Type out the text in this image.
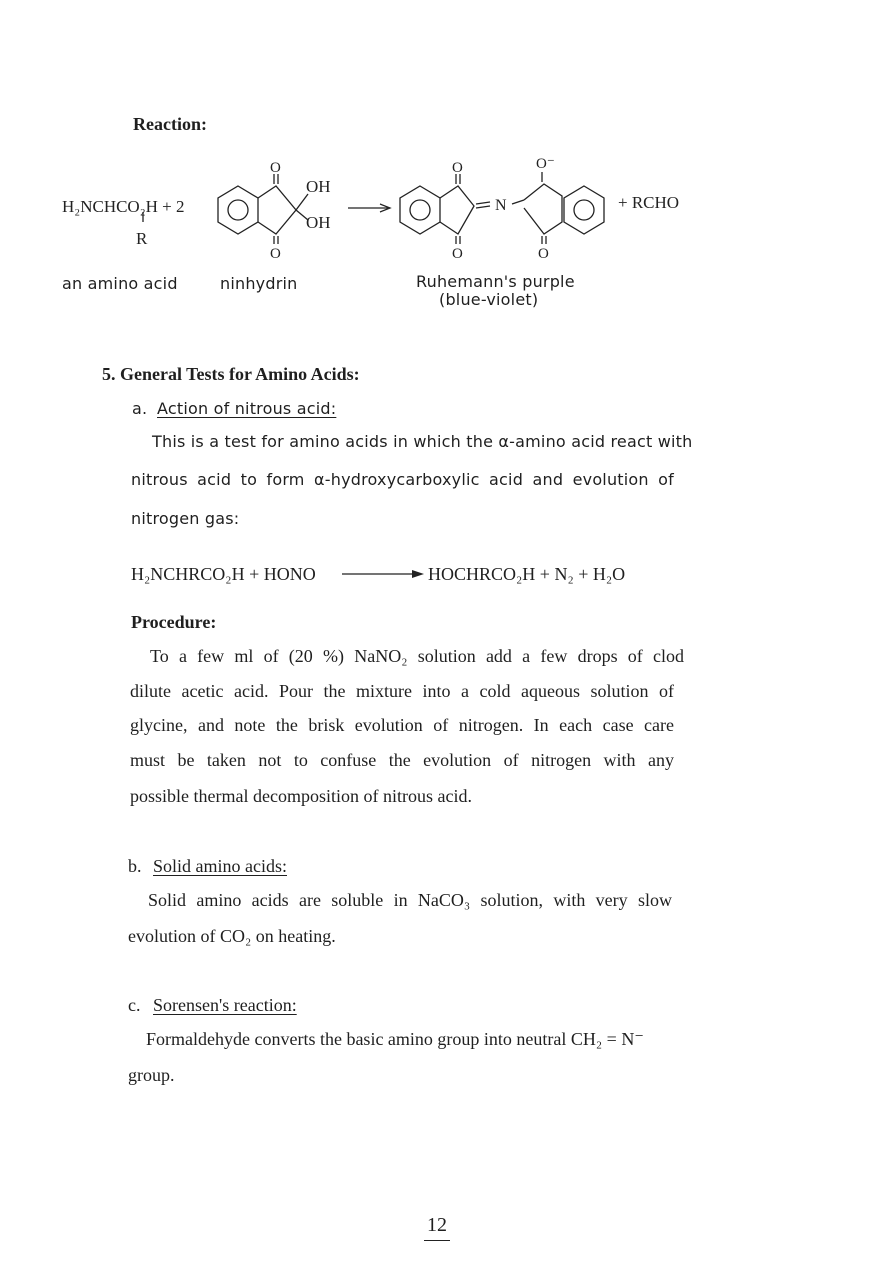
Reaction:
H₂NCHCO₂H + 2
R
O
O
OH
OH
O
O
N
O⁻
O
+ RCHO
an amino acid	ninhydrin	Ruhemann's purple
(blue-violet)
5. General Tests for Amino Acids:
a. Action of nitrous acid:
This is a test for amino acids in which the α-amino acid react with
nitrous acid to form α-hydroxycarboxylic acid and evolution of
nitrogen gas:
H₂NCHRCO₂H + HONO	HOCHRCO₂H + N₂ + H₂O
Procedure:
To a few ml of (20 %) NaNO₂ solution add a few drops of clod
dilute acetic acid. Pour the mixture into a cold aqueous solution of
glycine, and note the brisk evolution of nitrogen. In each case care
must be taken not to confuse the evolution of nitrogen with any
possible thermal decomposition of nitrous acid.
b. Solid amino acids:
Solid amino acids are soluble in NaCO₃ solution, with very slow
evolution of CO₂ on heating.
c. Sorensen's reaction:
Formaldehyde converts the basic amino group into neutral CH₂ = N⁻
group.
12
